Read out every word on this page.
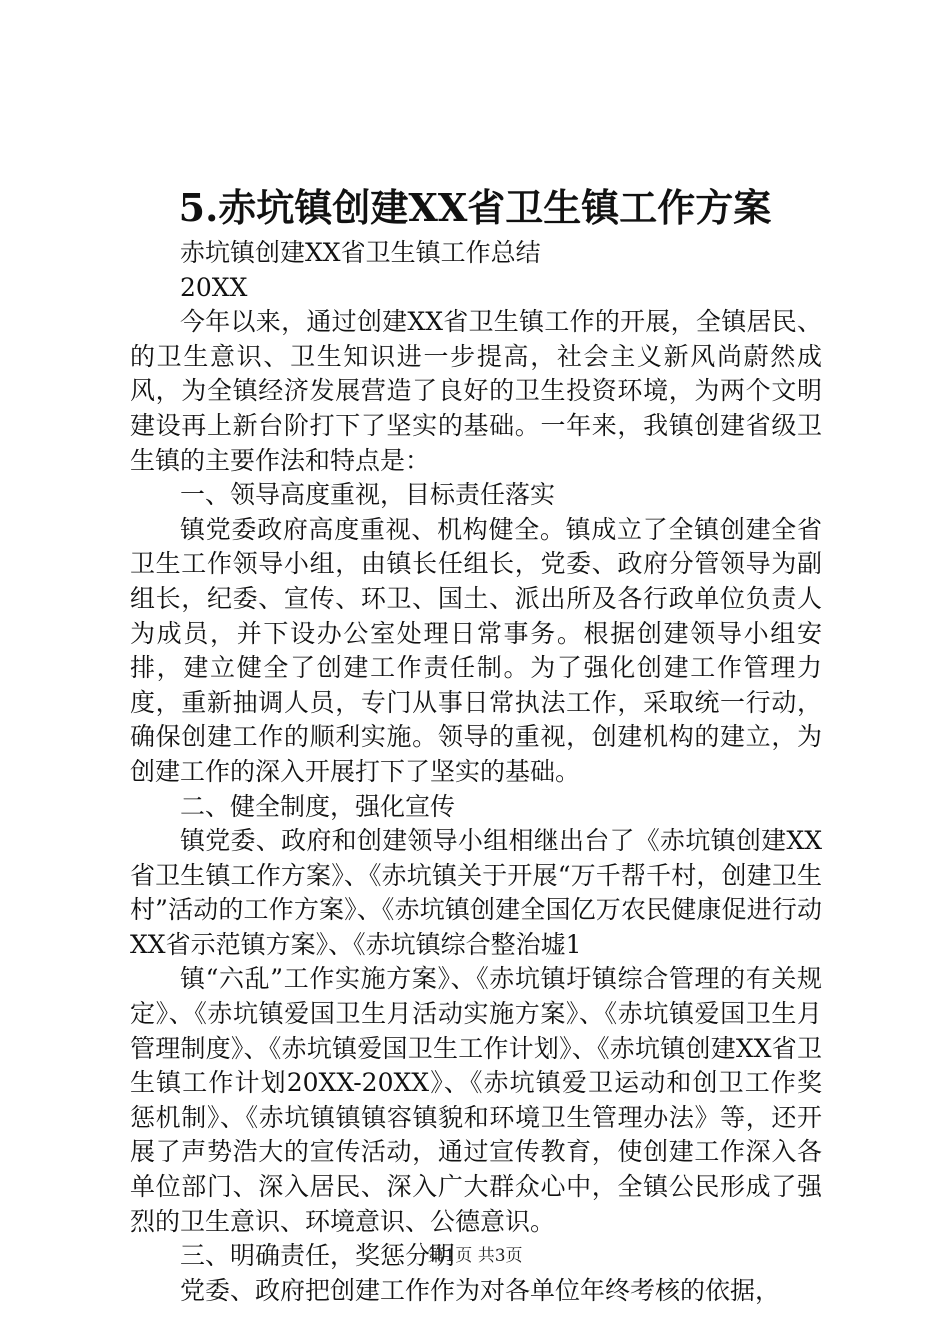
5.赤坑镇创建XX省卫生镇工作方案

赤坑镇创建XX省卫生镇工作总结

20XX

今年以来，通过创建XX省卫生镇工作的开展，全镇居民、的卫生意识、卫生知识进一步提高，社会主义新风尚蔚然成风，为全镇经济发展营造了良好的卫生投资环境，为两个文明建设再上新台阶打下了坚实的基础。一年来，我镇创建省级卫生镇的主要作法和特点是：

一、领导高度重视，目标责任落实

镇党委政府高度重视、机构健全。镇成立了全镇创建全省卫生工作领导小组，由镇长任组长，党委、政府分管领导为副组长，纪委、宣传、环卫、国土、派出所及各行政单位负责人为成员，并下设办公室处理日常事务。根据创建领导小组安排，建立健全了创建工作责任制。为了强化创建工作管理力度，重新抽调人员，专门从事日常执法工作，采取统一行动，确保创建工作的顺利实施。领导的重视，创建机构的建立，为创建工作的深入开展打下了坚实的基础。

二、健全制度，强化宣传

镇党委、政府和创建领导小组相继出台了《赤坑镇创建XX省卫生镇工作方案》、《赤坑镇关于开展“万千帮千村，创建卫生村”活动的工作方案》、《赤坑镇创建全国亿万农民健康促进行动XX省示范镇方案》、《赤坑镇综合整治墟1

镇“六乱”工作实施方案》、《赤坑镇圩镇综合管理的有关规定》、《赤坑镇爱国卫生月活动实施方案》、《赤坑镇爱国卫生月管理制度》、《赤坑镇爱国卫生工作计划》、《赤坑镇创建XX省卫生镇工作计划20XX-20XX》、《赤坑镇爱卫运动和创卫工作奖惩机制》、《赤坑镇镇镇容镇貌和环境卫生管理办法》等，还开展了声势浩大的宣传活动，通过宣传教育，使创建工作深入各单位部门、深入居民、深入广大群众心中，全镇公民形成了强烈的卫生意识、环境意识、公德意识。

三、明确责任，奖惩分明

党委、政府把创建工作作为对各单位年终考核的依据，

第1页 共3页
